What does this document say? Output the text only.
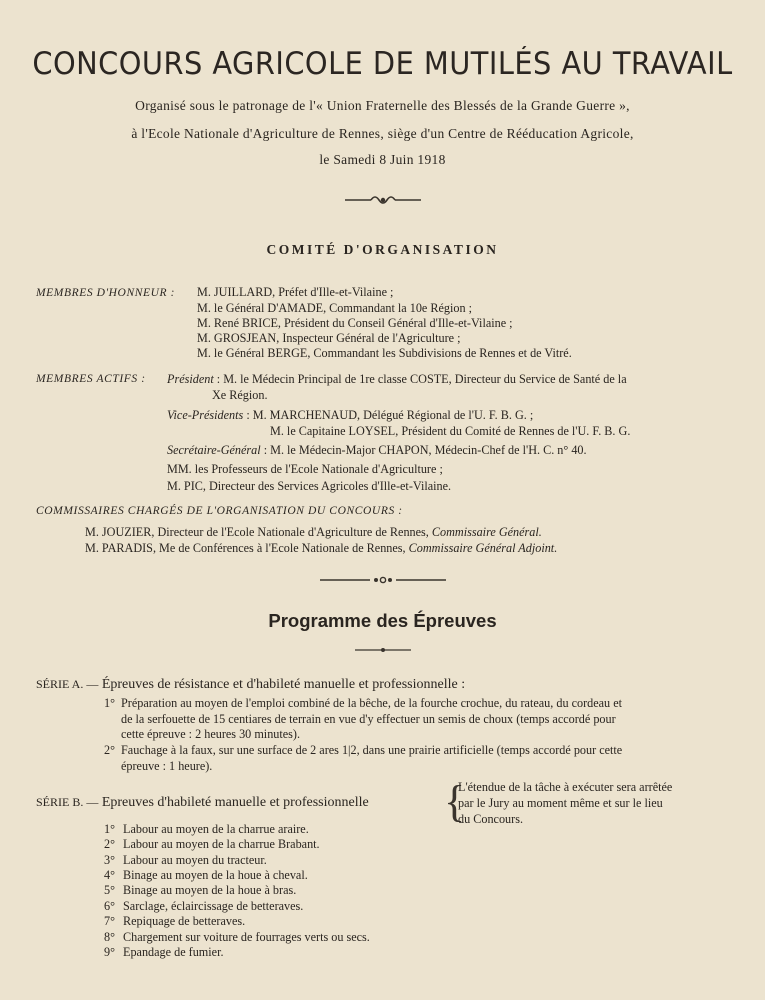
CONCOURS AGRICOLE DE MUTILÉS AU TRAVAIL
Organisé sous le patronage de l'« Union Fraternelle des Blessés de la Grande Guerre »,
à l'Ecole Nationale d'Agriculture de Rennes, siège d'un Centre de Rééducation Agricole,
le Samedi 8 Juin 1918
COMITÉ D'ORGANISATION
MEMBRES D'HONNEUR : M. JUILLARD, Préfet d'Ille-et-Vilaine ;
M. le Général D'AMADE, Commandant la 10e Région ;
M. René BRICE, Président du Conseil Général d'Ille-et-Vilaine ;
M. GROSJEAN, Inspecteur Général de l'Agriculture ;
M. le Général BERGE, Commandant les Subdivisions de Rennes et de Vitré.
MEMBRES ACTIFS : Président : M. le Médecin Principal de 1re classe COSTE, Directeur du Service de Santé de la
Xe Région.
Vice-Présidents : M. MARCHENAUD, Délégué Régional de l'U. F. B. G. ;
M. le Capitaine LOYSEL, Président du Comité de Rennes de l'U. F. B. G.
Secrétaire-Général : M. le Médecin-Major CHAPON, Médecin-Chef de l'H. C. n° 40.
MM. les Professeurs de l'Ecole Nationale d'Agriculture ;
M. PIC, Directeur des Services Agricoles d'Ille-et-Vilaine.
COMMISSAIRES CHARGÉS DE L'ORGANISATION DU CONCOURS :
M. JOUZIER, Directeur de l'Ecole Nationale d'Agriculture de Rennes, Commissaire Général.
M. PARADIS, Me de Conférences à l'Ecole Nationale de Rennes, Commissaire Général Adjoint.
Programme des Épreuves
SÉRIE A. — Épreuves de résistance et d'habileté manuelle et professionnelle :
1° Préparation au moyen de l'emploi combiné de la bêche, de la fourche crochue, du rateau, du cordeau et
de la serfouette de 15 centiares de terrain en vue d'y effectuer un semis de choux (temps accordé pour
cette épreuve : 2 heures 30 minutes).
2° Fauchage à la faux, sur une surface de 2 ares 1|2, dans une prairie artificielle (temps accordé pour cette
épreuve : 1 heure).
SÉRIE B. — Epreuves d'habileté manuelle et professionnelle {
L'étendue de la tâche à exécuter sera arrêtée
par le Jury au moment même et sur le lieu
du Concours.
1° Labour au moyen de la charrue araire.
2° Labour au moyen de la charrue Brabant.
3° Labour au moyen du tracteur.
4° Binage au moyen de la houe à cheval.
5° Binage au moyen de la houe à bras.
6° Sarclage, éclaircissage de betteraves.
7° Repiquage de betteraves.
8° Chargement sur voiture de fourrages verts ou secs.
9° Epandage de fumier.
